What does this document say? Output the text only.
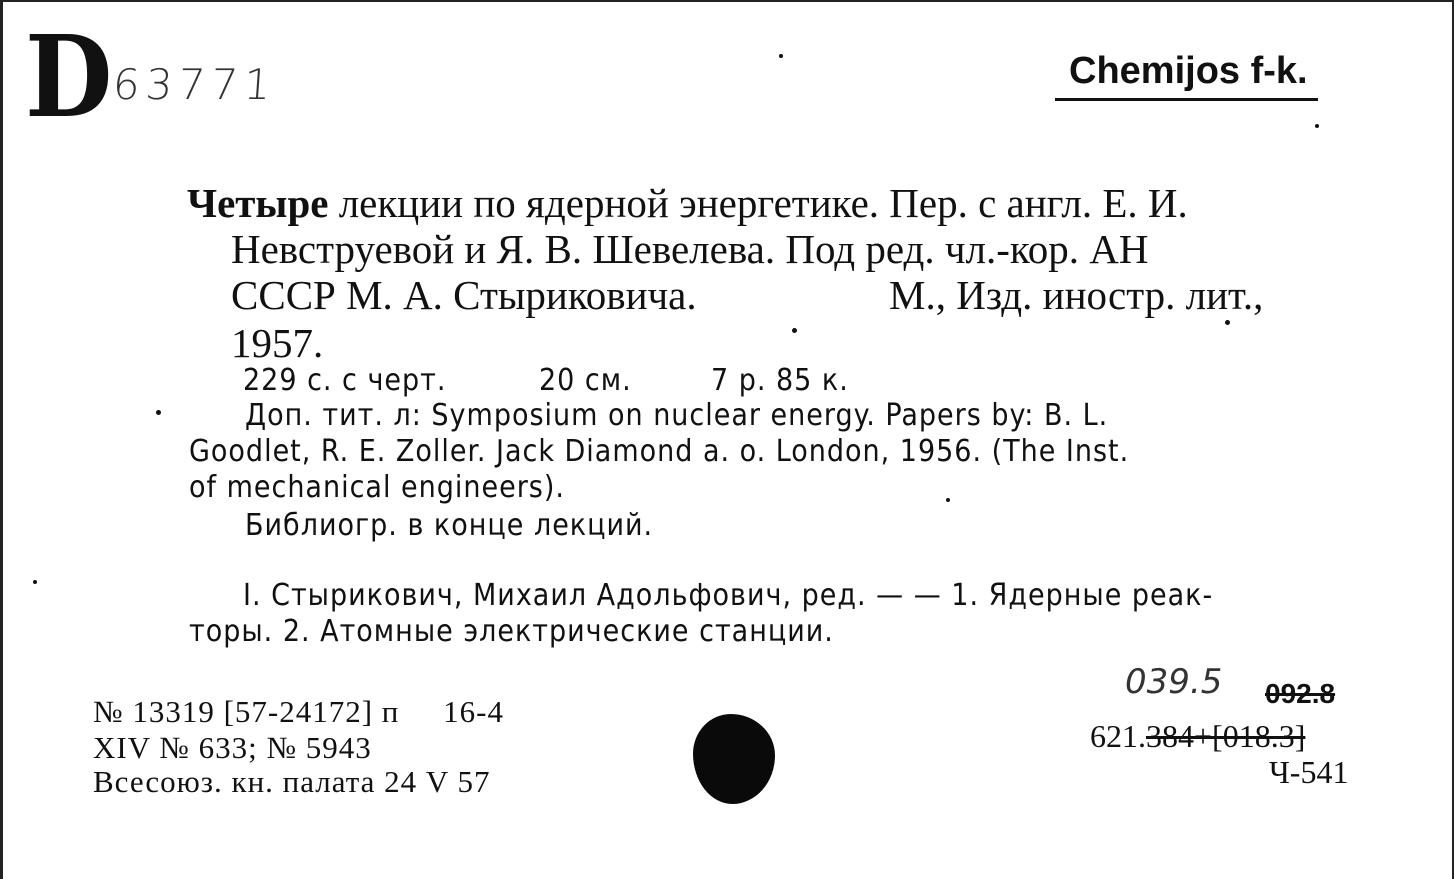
D
63771	Chemijos f-k.
Четыре лекции по ядерной энергетике. Пер. с англ. Е. И.
Невструевой и Я. В. Шевелева. Под ред. чл.-кор. АН
СССР М. А. Стыриковича.	М., Изд. иностр. лит.,
1957.
229 с. с черт.	20 см.	7 р. 85 к.
Доп. тит. л: Symposium on nuclear energy. Papers by: B. L.
Goodlet, R. E. Zoller. Jack Diamond a. o. London, 1956. (The Inst.
of mechanical engineers).
Библиогр. в конце лекций.
I. Стырикович, Михаил Адольфович, ред. — — 1. Ядерные реак-
торы. 2. Атомные электрические станции.
№ 13319 [57-24172] п     16-4
XIV № 633; № 5943
Всесоюз. кн. палата 24 V 57
039.5 092.8
621.384+[018.3]
Ч-541
